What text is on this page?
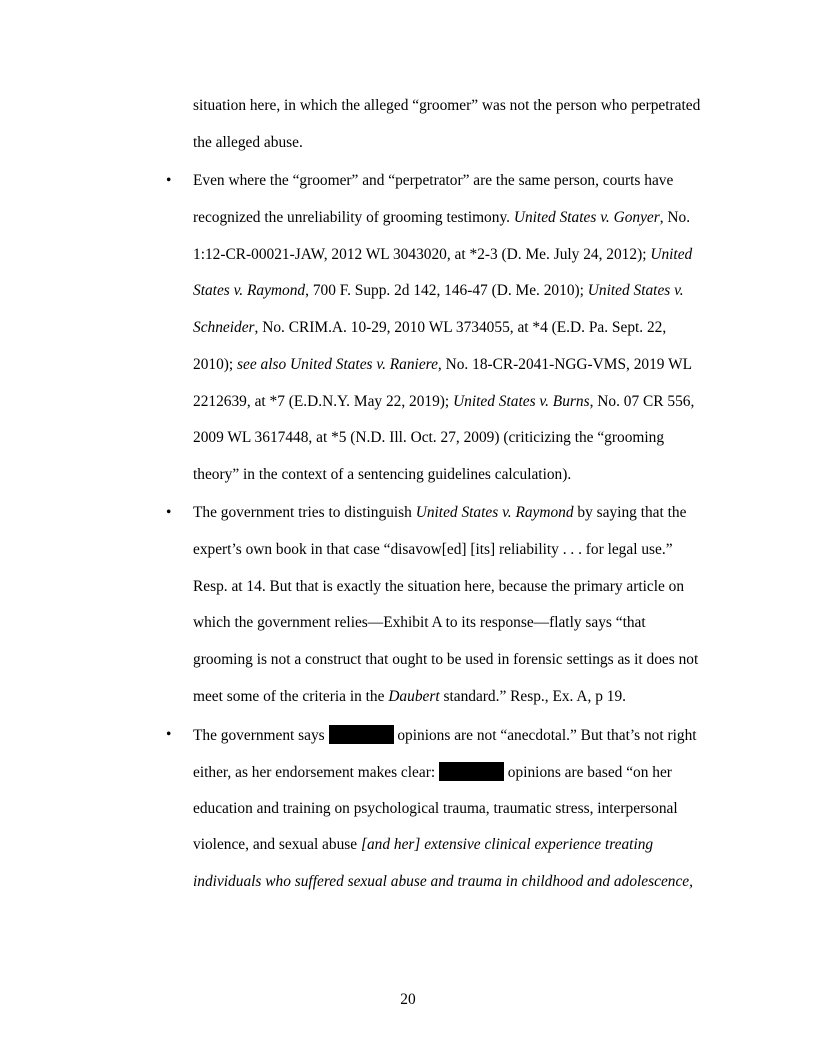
situation here, in which the alleged “groomer” was not the person who perpetrated
the alleged abuse.
• Even where the “groomer” and “perpetrator” are the same person, courts have
recognized the unreliability of grooming testimony. United States v. Gonyer, No.
1:12-CR-00021-JAW, 2012 WL 3043020, at *2-3 (D. Me. July 24, 2012); United
States v. Raymond, 700 F. Supp. 2d 142, 146-47 (D. Me. 2010); United States v.
Schneider, No. CRIM.A. 10-29, 2010 WL 3734055, at *4 (E.D. Pa. Sept. 22,
2010); see also United States v. Raniere, No. 18-CR-2041-NGG-VMS, 2019 WL
2212639, at *7 (E.D.N.Y. May 22, 2019); United States v. Burns, No. 07 CR 556,
2009 WL 3617448, at *5 (N.D. Ill. Oct. 27, 2009) (criticizing the “grooming
theory” in the context of a sentencing guidelines calculation).
• The government tries to distinguish United States v. Raymond by saying that the
expert’s own book in that case “disavow[ed] [its] reliability . . . for legal use.”
Resp. at 14. But that is exactly the situation here, because the primary article on
which the government relies—Exhibit A to its response—flatly says “that
grooming is not a construct that ought to be used in forensic settings as it does not
meet some of the criteria in the Daubert standard.” Resp., Ex. A, p 19.
• The government says	opinions are not “anecdotal.” But that’s not right
either, as her endorsement makes clear:	opinions are based “on her
education and training on psychological trauma, traumatic stress, interpersonal
violence, and sexual abuse [and her] extensive clinical experience treating
individuals who suffered sexual abuse and trauma in childhood and adolescence,
20
